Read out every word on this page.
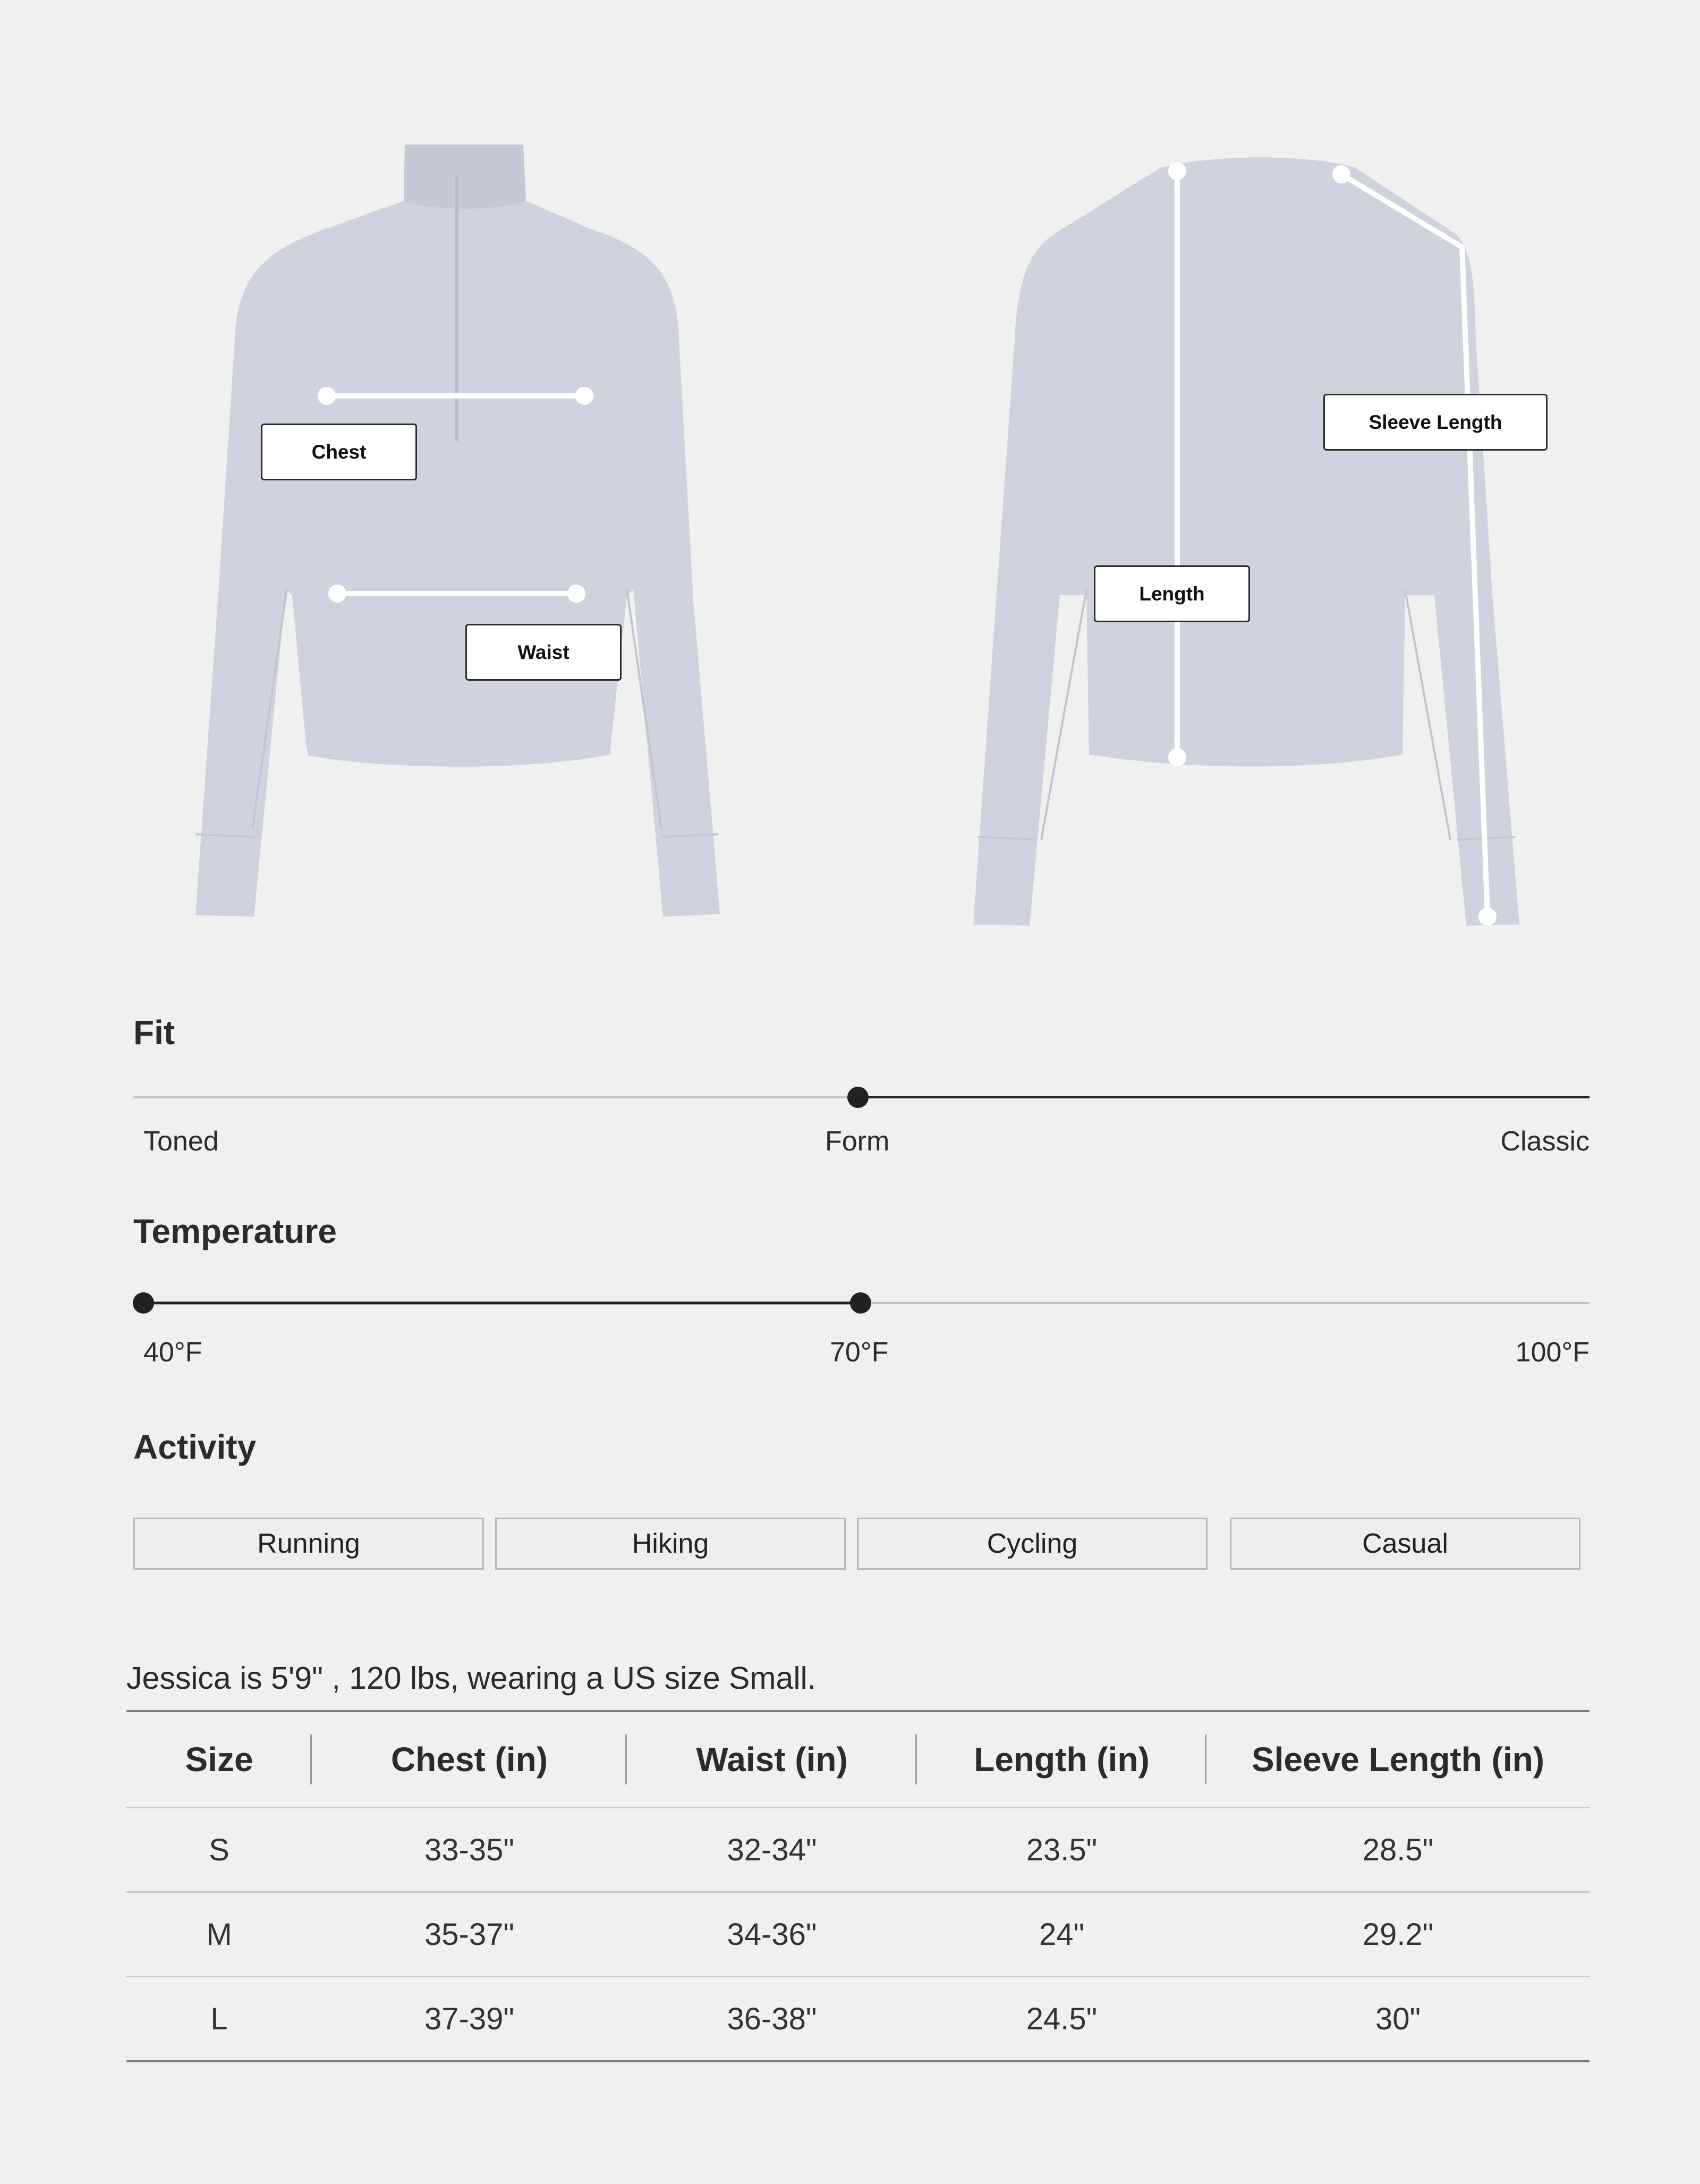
Chest
Waist
Length
Sleeve Length
Fit
Toned	Form	Classic
Temperature
40°F	70°F	100°F
Activity
Running	Hiking	Cycling	Casual
Jessica is 5'9" , 120 lbs, wearing a US size Small.
Size	Chest (in)	Waist (in)	Length (in)	Sleeve Length (in)
S	33-35"	32-34"	23.5"	28.5"
M	35-37"	34-36"	24"	29.2"
L	37-39"	36-38"	24.5"	30"
